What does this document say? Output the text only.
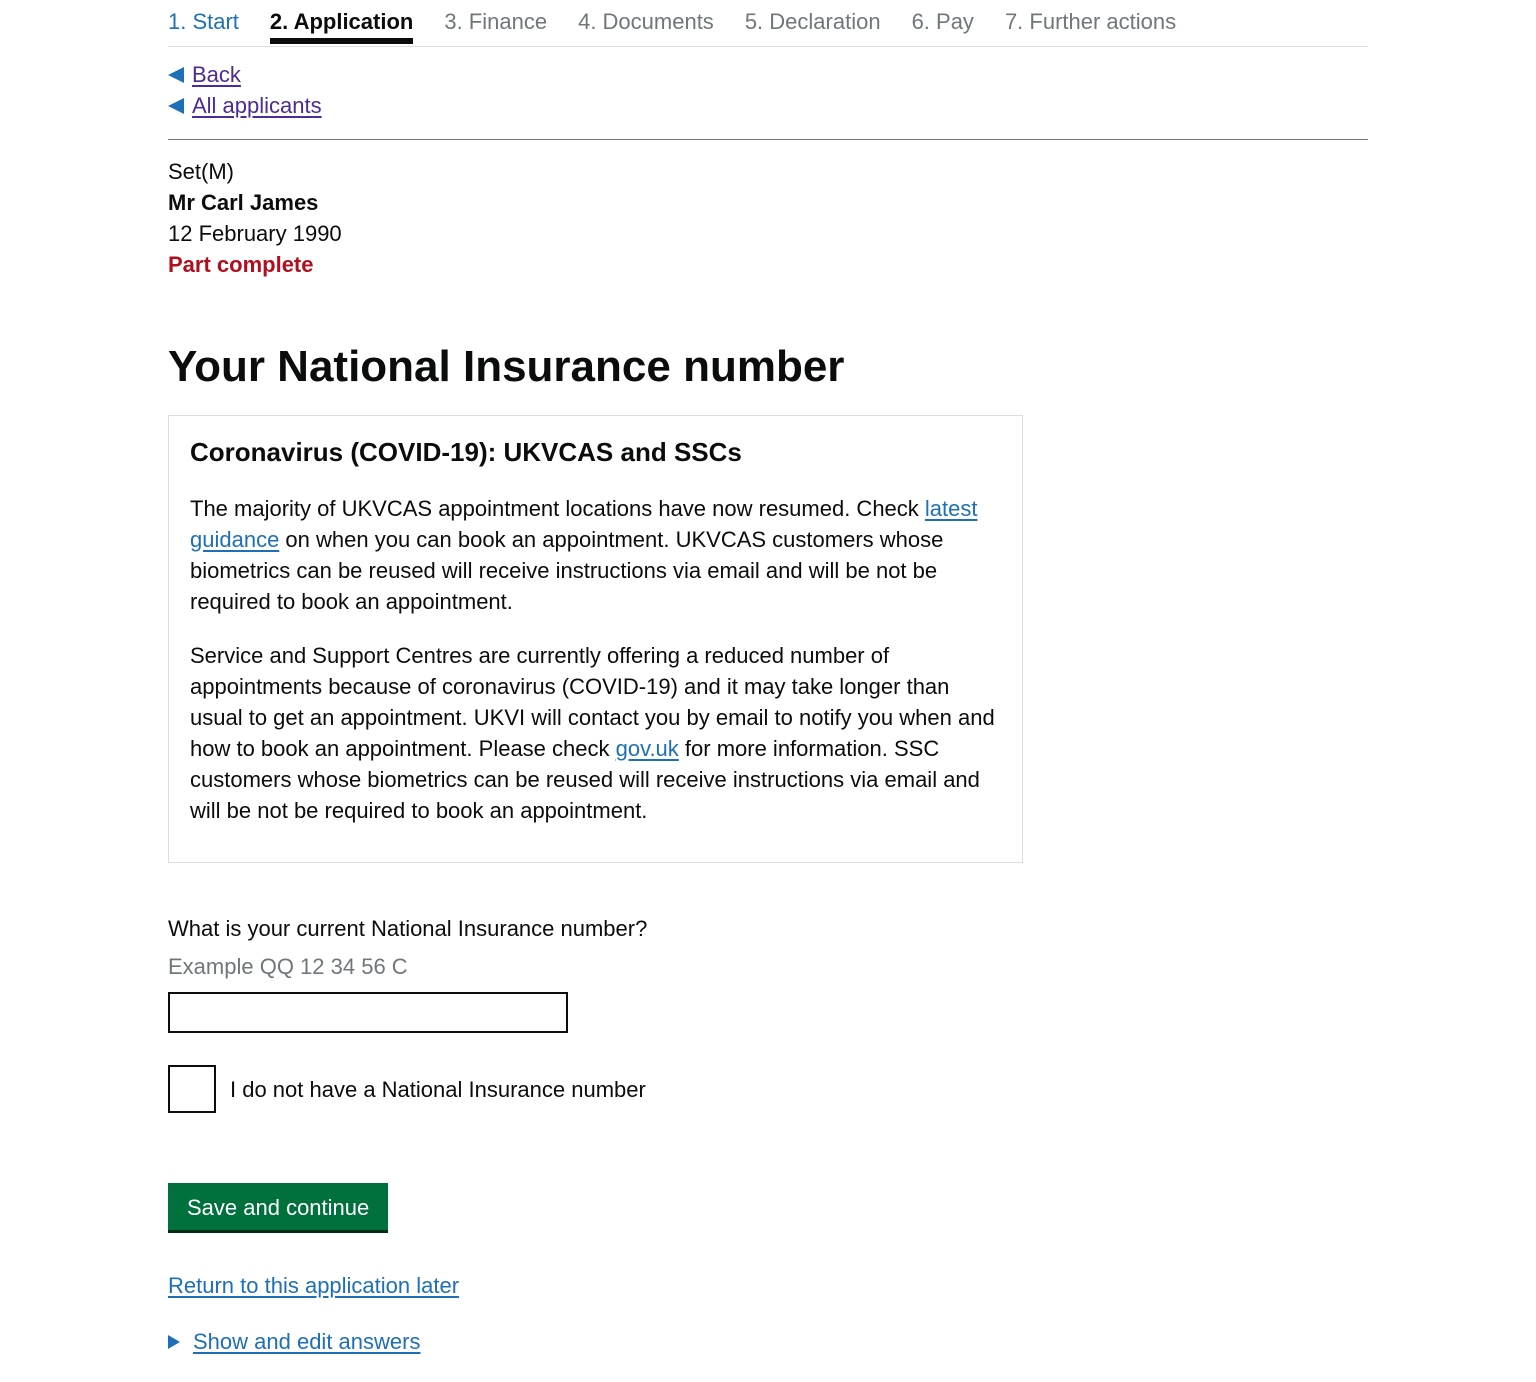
1. Start 2. Application 3. Finance 4. Documents 5. Declaration 6. Pay 7. Further actions
Back
All applicants
Set(M)
Mr Carl James
12 February 1990
Part complete
Your National Insurance number
Coronavirus (COVID-19): UKVCAS and SSCs

The majority of UKVCAS appointment locations have now resumed. Check latest guidance on when you can book an appointment. UKVCAS customers whose biometrics can be reused will receive instructions via email and will be not be required to book an appointment.

Service and Support Centres are currently offering a reduced number of appointments because of coronavirus (COVID-19) and it may take longer than usual to get an appointment. UKVI will contact you by email to notify you when and how to book an appointment. Please check gov.uk for more information. SSC customers whose biometrics can be reused will receive instructions via email and will be not be required to book an appointment.

What is your current National Insurance number?
Example QQ 12 34 56 C
I do not have a National Insurance number
Save and continue
Return to this application later
Show and edit answers
